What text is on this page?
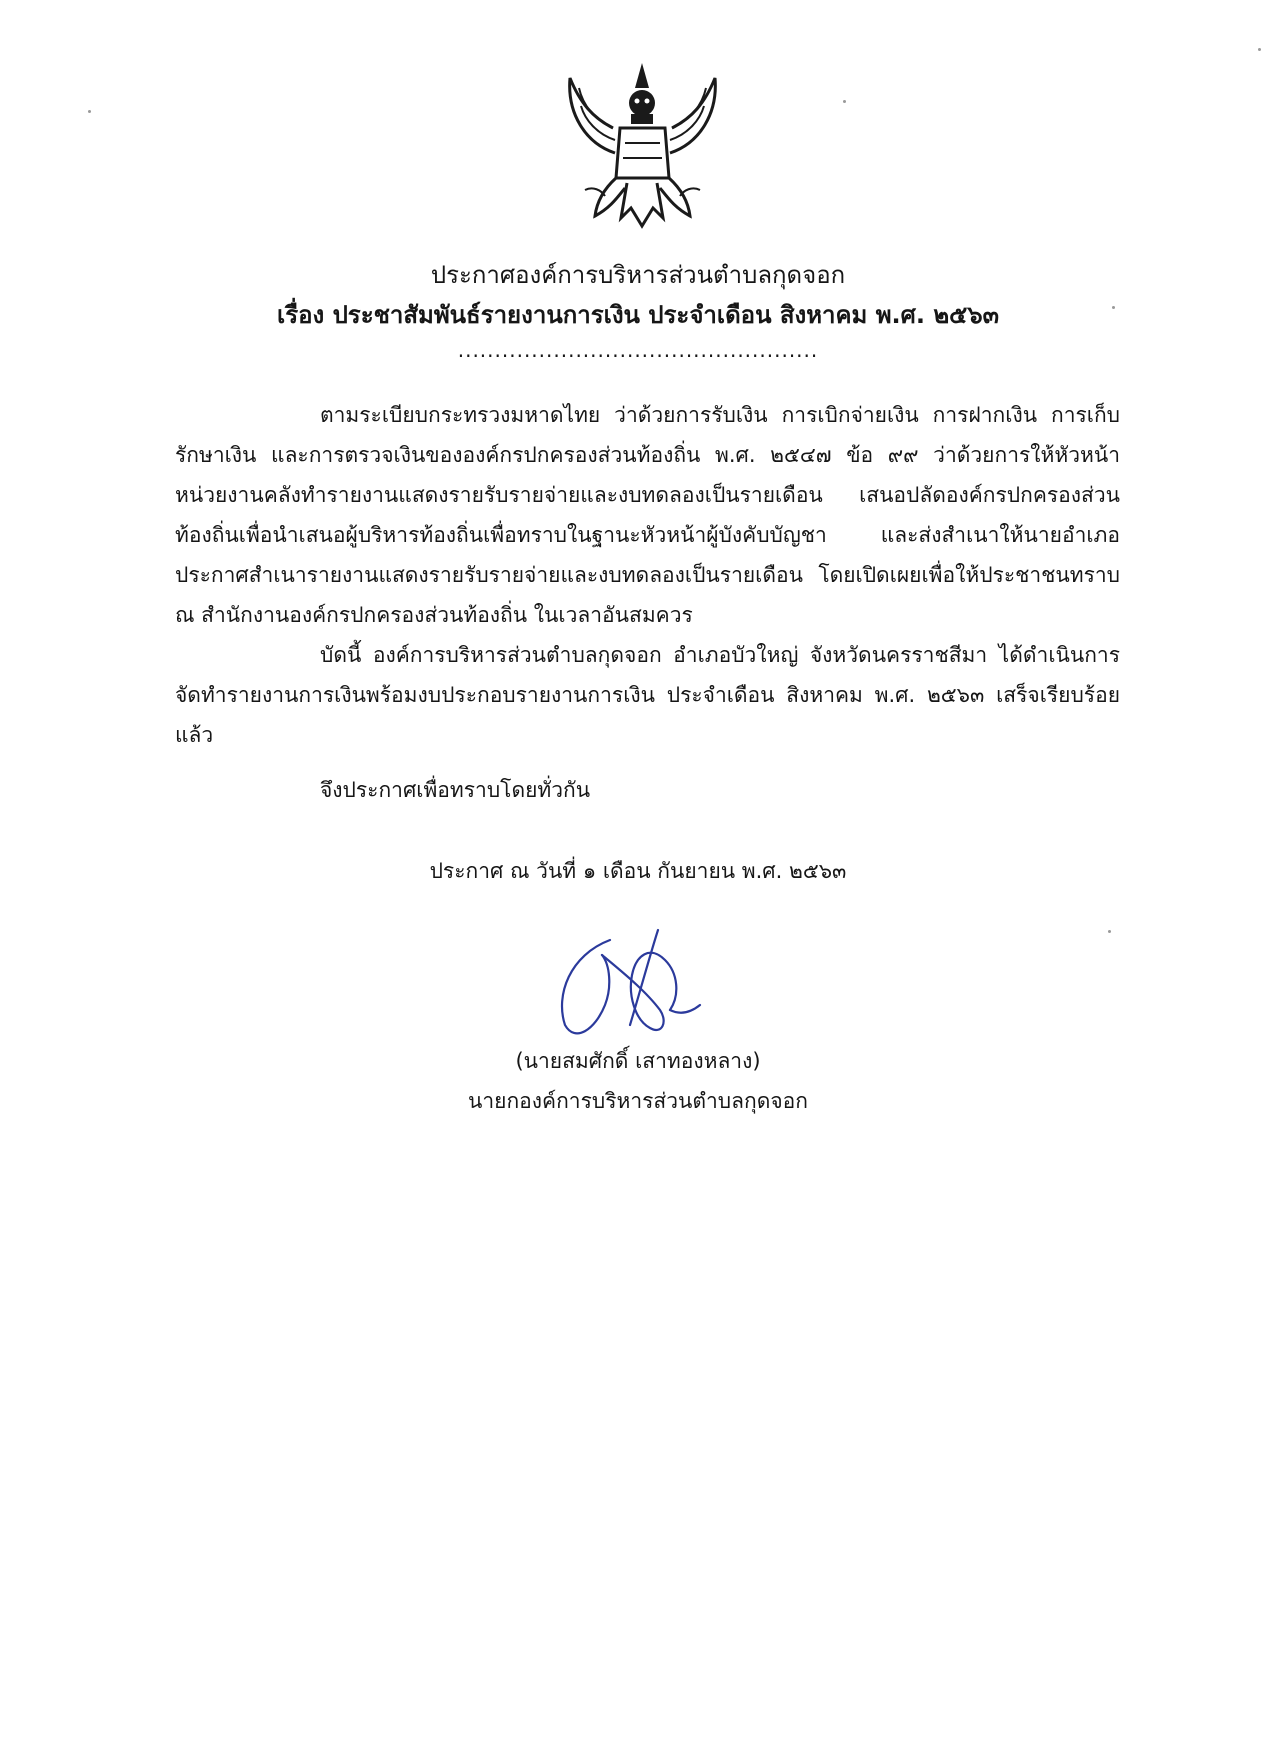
ประกาศองค์การบริหารส่วนตำบลกุดจอก
เรื่อง ประชาสัมพันธ์รายงานการเงิน ประจำเดือน สิงหาคม พ.ศ. ๒๕๖๓
.................................................
ตามระเบียบกระทรวงมหาดไทย ว่าด้วยการรับเงิน การเบิกจ่ายเงิน การฝากเงิน การเก็บรักษาเงิน และการตรวจเงินขององค์กรปกครองส่วนท้องถิ่น พ.ศ. ๒๕๔๗ ข้อ ๙๙ ว่าด้วยการให้หัวหน้าหน่วยงานคลังทำรายงานแสดงรายรับรายจ่ายและงบทดลองเป็นรายเดือน เสนอปลัดองค์กรปกครองส่วนท้องถิ่นเพื่อนำเสนอผู้บริหารท้องถิ่นเพื่อทราบในฐานะหัวหน้าผู้บังคับบัญชา และส่งสำเนาให้นายอำเภอประกาศสำเนารายงานแสดงรายรับรายจ่ายและงบทดลองเป็นรายเดือน โดยเปิดเผยเพื่อให้ประชาชนทราบ ณ สำนักงานองค์กรปกครองส่วนท้องถิ่น ในเวลาอันสมควร
บัดนี้ องค์การบริหารส่วนตำบลกุดจอก อำเภอบัวใหญ่ จังหวัดนครราชสีมา ได้ดำเนินการจัดทำรายงานการเงินพร้อมงบประกอบรายงานการเงิน ประจำเดือน สิงหาคม พ.ศ. ๒๕๖๓ เสร็จเรียบร้อยแล้ว
จึงประกาศเพื่อทราบโดยทั่วกัน
ประกาศ ณ วันที่ ๑ เดือน กันยายน พ.ศ. ๒๕๖๓
(นายสมศักดิ์ เสาทองหลาง)
นายกองค์การบริหารส่วนตำบลกุดจอก
